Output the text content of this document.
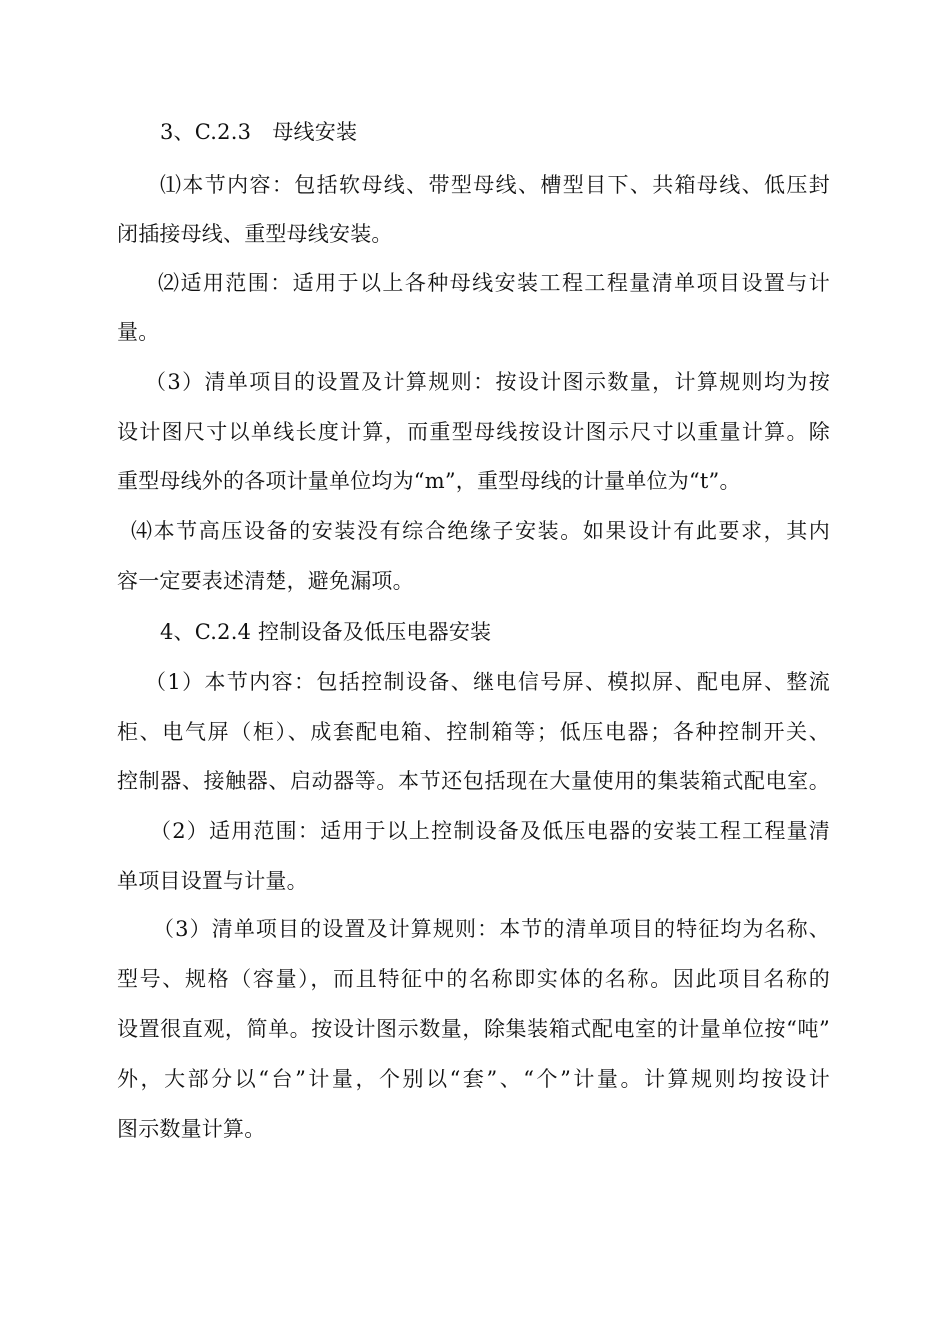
3、C.2.3　母线安装
⑴本节内容：包括软母线、带型母线、槽型目下、共箱母线、低压封
闭插接母线、重型母线安装。
⑵适用范围：适用于以上各种母线安装工程工程量清单项目设置与计
量。
（3）清单项目的设置及计算规则：按设计图示数量，计算规则均为按
设计图尺寸以单线长度计算，而重型母线按设计图示尺寸以重量计算。除
重型母线外的各项计量单位均为“m”，重型母线的计量单位为“t”。
⑷本节高压设备的安装没有综合绝缘子安装。如果设计有此要求，其内
容一定要表述清楚，避免漏项。
4、C.2.4 控制设备及低压电器安装
（1）本节内容：包括控制设备、继电信号屏、模拟屏、配电屏、整流
柜、电气屏（柜）、成套配电箱、控制箱等；低压电器；各种控制开关、
控制器、接触器、启动器等。本节还包括现在大量使用的集装箱式配电室。
（2）适用范围：适用于以上控制设备及低压电器的安装工程工程量清
单项目设置与计量。
（3）清单项目的设置及计算规则：本节的清单项目的特征均为名称、
型号、规格（容量），而且特征中的名称即实体的名称。因此项目名称的
设置很直观，简单。按设计图示数量，除集装箱式配电室的计量单位按“吨”
外，大部分以“台”计量，个别以“套”、“个”计量。计算规则均按设计
图示数量计算。
